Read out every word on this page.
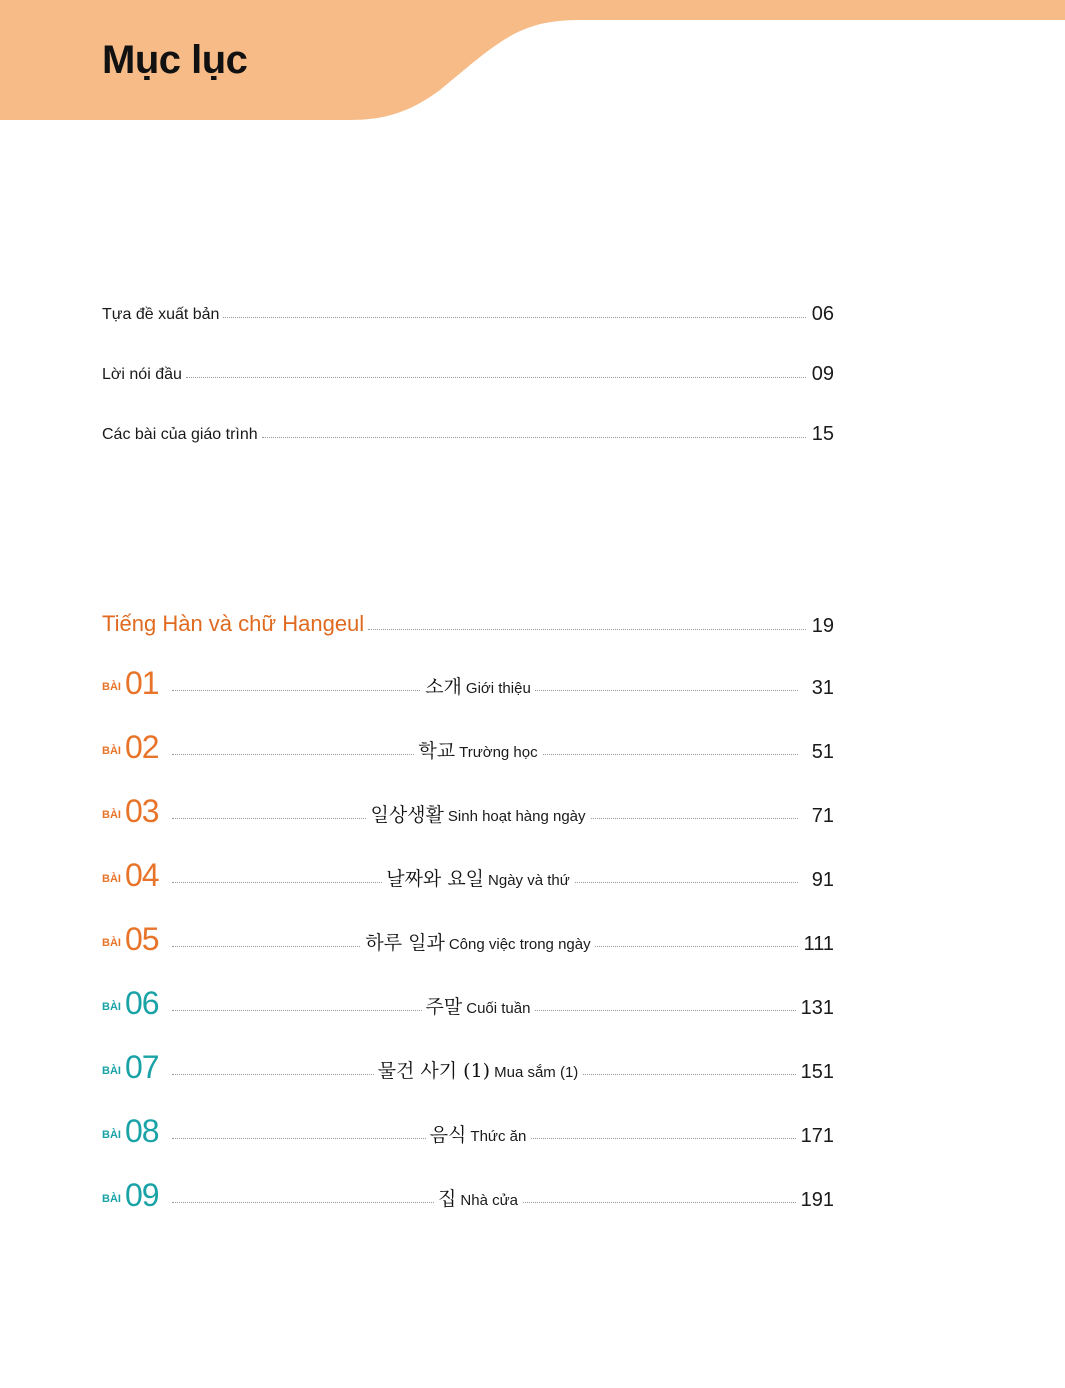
Mục lục
Tựa đề xuất bản	06
Lời nói đầu	09
Các bài của giáo trình	15
Tiếng Hàn và chữ Hangeul	19
BÀI 01	소개 Giới thiệu	31
BÀI 02	학교 Trường học	51
BÀI 03	일상생활 Sinh hoạt hàng ngày	71
BÀI 04	날짜와 요일 Ngày và thứ	91
BÀI 05	하루 일과 Công việc trong ngày	111
BÀI 06	주말 Cuối tuần	131
BÀI 07	물건 사기 (1) Mua sắm (1)	151
BÀI 08	음식 Thức ăn	171
BÀI 09	집 Nhà cửa	191
